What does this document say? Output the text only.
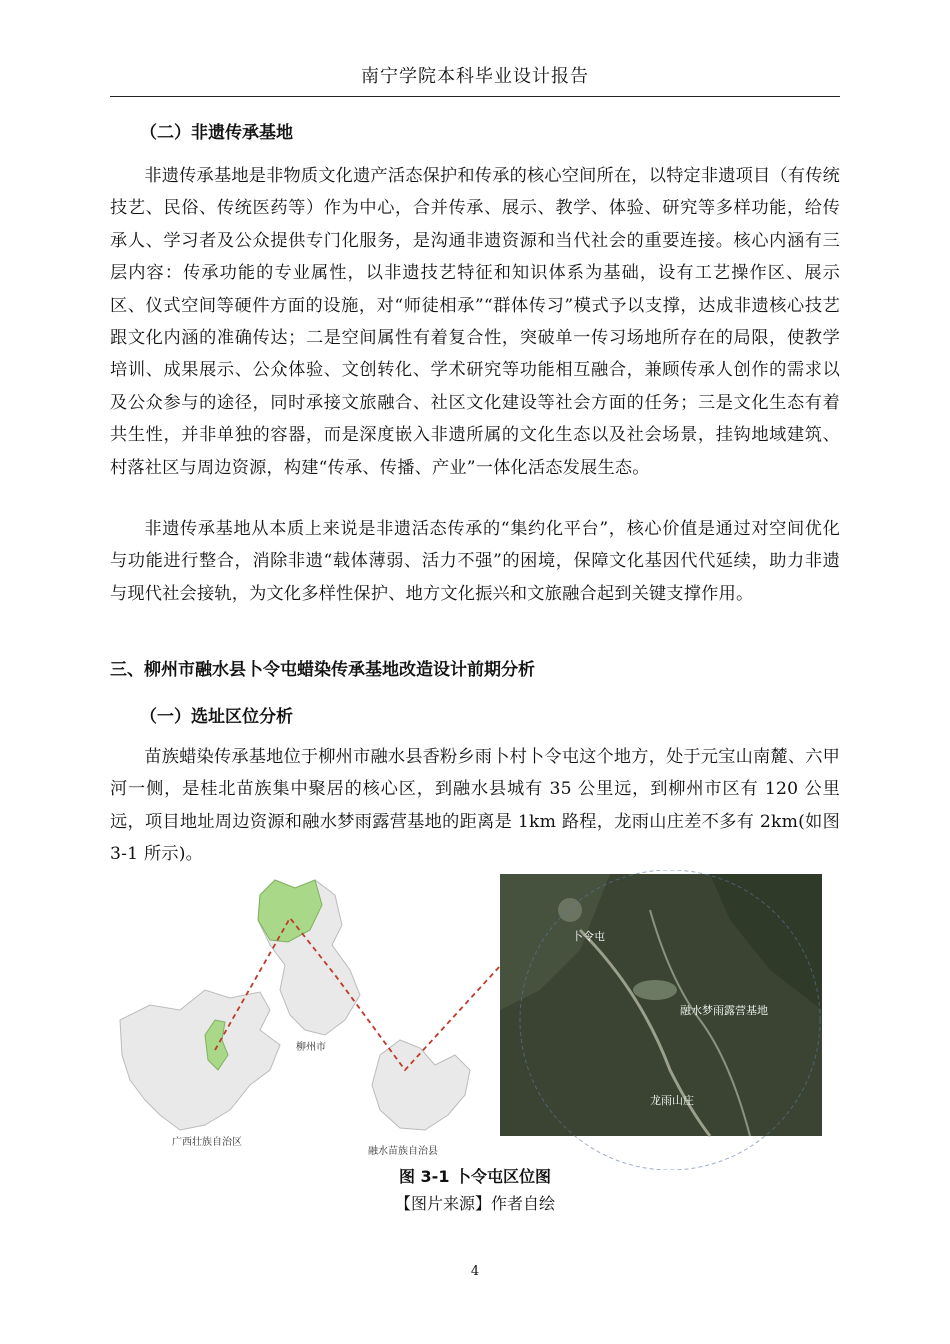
南宁学院本科毕业设计报告
（二）非遗传承基地
非遗传承基地是非物质文化遗产活态保护和传承的核心空间所在，以特定非遗项目（有传统技艺、民俗、传统医药等）作为中心，合并传承、展示、教学、体验、研究等多样功能，给传承人、学习者及公众提供专门化服务，是沟通非遗资源和当代社会的重要连接。核心内涵有三层内容：传承功能的专业属性，以非遗技艺特征和知识体系为基础，设有工艺操作区、展示区、仪式空间等硬件方面的设施，对“师徒相承”“群体传习”模式予以支撑，达成非遗核心技艺跟文化内涵的准确传达；二是空间属性有着复合性，突破单一传习场地所存在的局限，使教学培训、成果展示、公众体验、文创转化、学术研究等功能相互融合，兼顾传承人创作的需求以及公众参与的途径，同时承接文旅融合、社区文化建设等社会方面的任务；三是文化生态有着共生性，并非单独的容器，而是深度嵌入非遗所属的文化生态以及社会场景，挂钩地域建筑、村落社区与周边资源，构建“传承、传播、产业”一体化活态发展生态。
非遗传承基地从本质上来说是非遗活态传承的“集约化平台”，核心价值是通过对空间优化与功能进行整合，消除非遗“载体薄弱、活力不强”的困境，保障文化基因代代延续，助力非遗与现代社会接轨，为文化多样性保护、地方文化振兴和文旅融合起到关键支撑作用。
三、柳州市融水县卜令屯蜡染传承基地改造设计前期分析
（一）选址区位分析
苗族蜡染传承基地位于柳州市融水县香粉乡雨卜村卜令屯这个地方，处于元宝山南麓、六甲河一侧，是桂北苗族集中聚居的核心区，到融水县城有 35 公里远，到柳州市区有 120 公里远，项目地址周边资源和融水梦雨露营基地的距离是 1km 路程，龙雨山庄差不多有 2km(如图 3-1 所示)。
广西壮族自治区
柳州市
融水苗族自治县
卜令屯
融水梦雨露营基地
龙雨山庄
图 3-1 卜令屯区位图
【图片来源】作者自绘
4
